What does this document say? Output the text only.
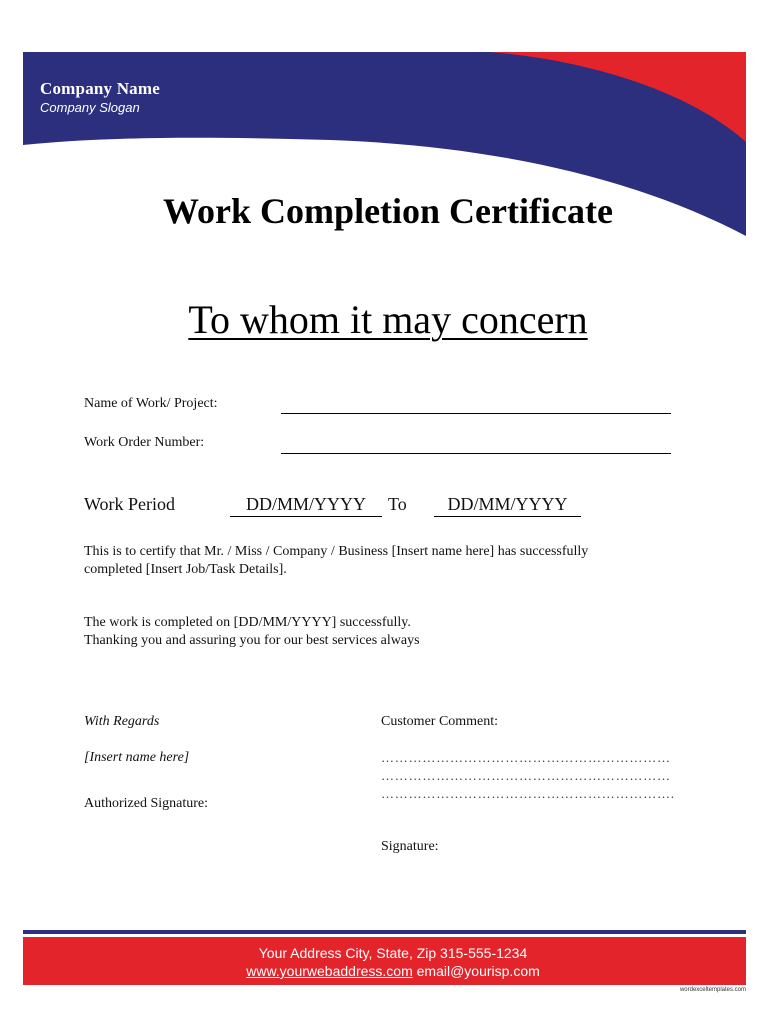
Company Name
Company Slogan
Work Completion Certificate
To whom it may concern
Name of Work/ Project:
Work Order Number:
Work Period	DD/MM/YYYY	To	DD/MM/YYYY
This is to certify that Mr. / Miss / Company / Business [Insert name here] has successfully
completed [Insert Job/Task Details].
The work is completed on [DD/MM/YYYY] successfully.
Thanking you and assuring you for our best services always
With Regards
[Insert name here]
Authorized Signature:
Customer Comment:
………………………………………………………
………………………………………………………
……………………………………………………….
Signature:
Your Address City, State, Zip 315-555-1234
www.yourwebaddress.com email@yourisp.com
wordexceltemplates.com
